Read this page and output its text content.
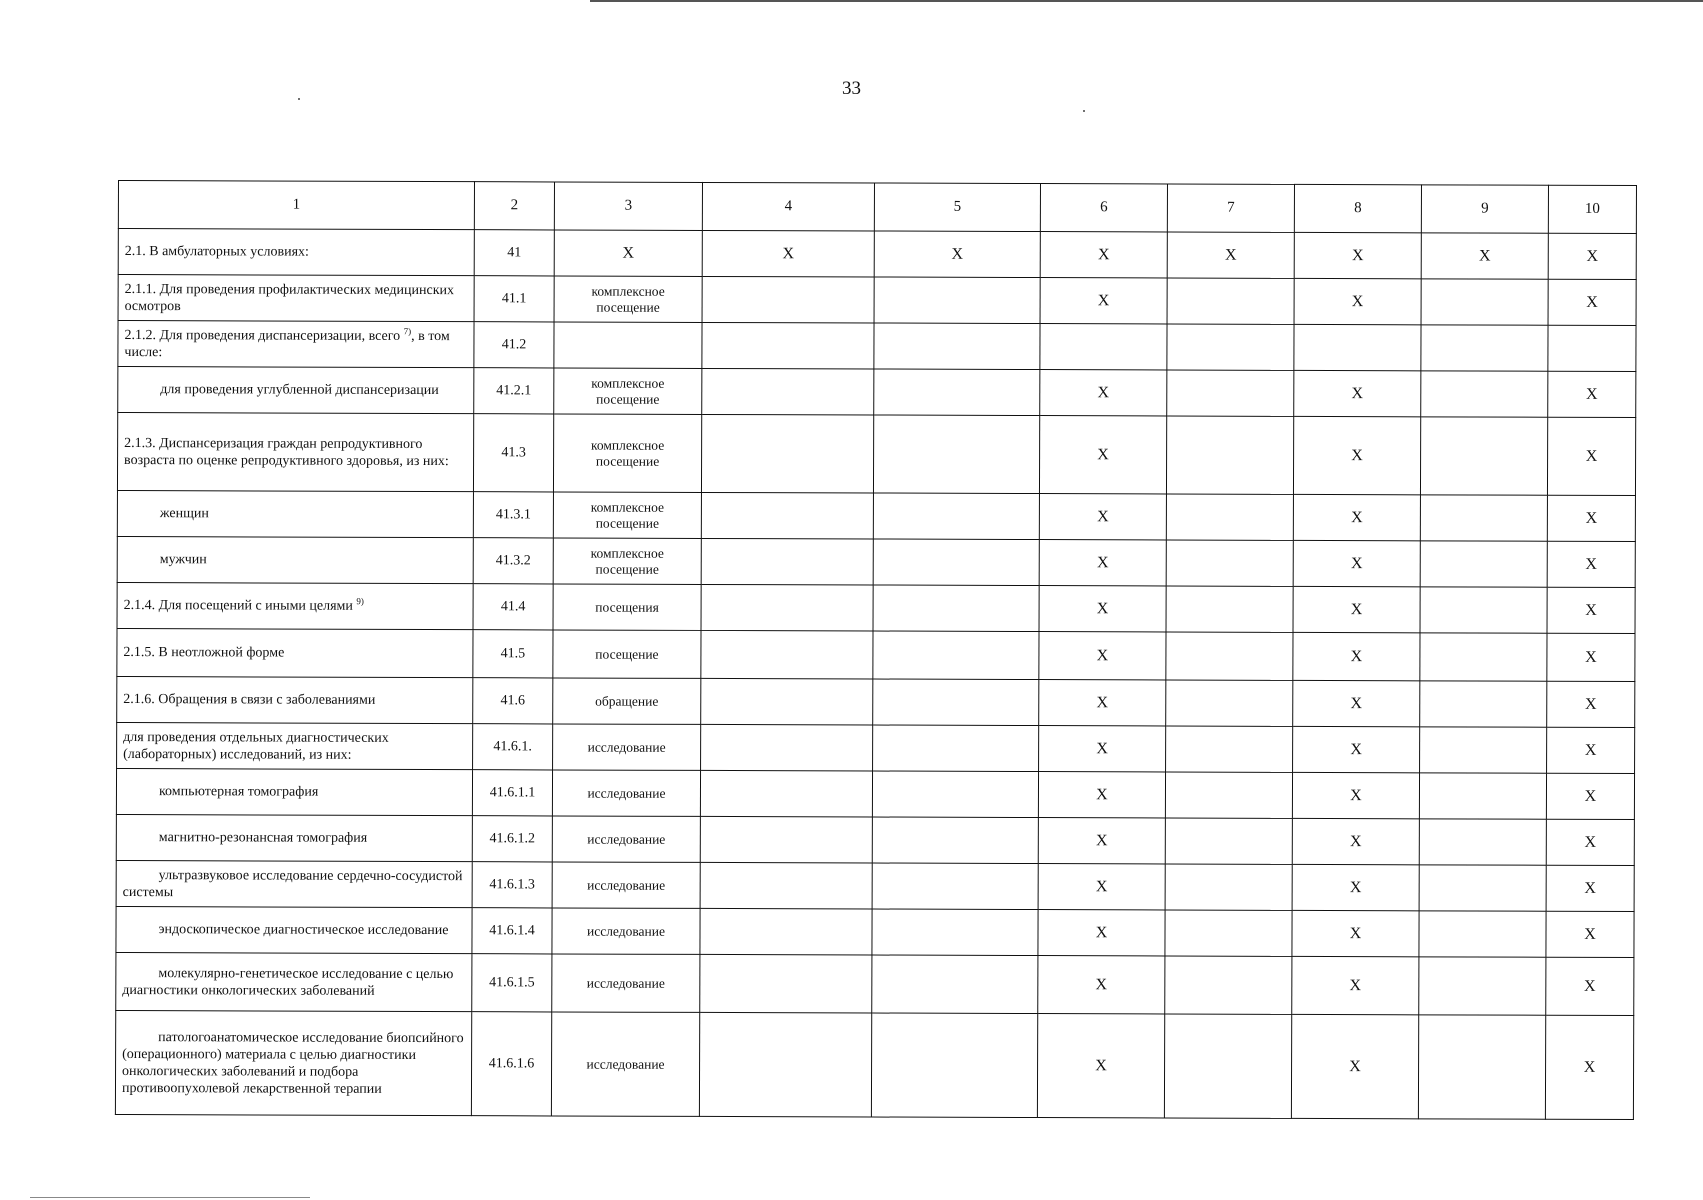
33
1	2	3	4	5	6	7	8	9	10
2.1. В амбулаторных условиях:	41	X	X	X	X	X	X	X	X
2.1.1. Для проведения профилактических медицинских осмотров	41.1	комплексное посещение			X		X		X
2.1.2. Для проведения диспансеризации, всего $^{7)}$, в том числе:	41.2								
для проведения углубленной диспансеризации	41.2.1	комплексное посещение			X		X		X
2.1.3. Диспансеризация граждан репродуктивного возраста по оценке репродуктивного здоровья, из них:	41.3	комплексное посещение			X		X		X
женщин	41.3.1	комплексное посещение			X		X		X
мужчин	41.3.2	комплексное посещение			X		X		X
2.1.4. Для посещений с иными целями $^{9)}$	41.4	посещения			X		X		X
2.1.5. В неотложной форме	41.5	посещение			X		X		X
2.1.6. Обращения в связи с заболеваниями	41.6	обращение			X		X		X
для проведения отдельных диагностических (лабораторных) исследований, из них:	41.6.1.	исследование			X		X		X
компьютерная томография	41.6.1.1	исследование			X		X		X
магнитно-резонансная томография	41.6.1.2	исследование			X		X		X
ультразвуковое исследование сердечно-сосудистой системы	41.6.1.3	исследование			X		X		X
эндоскопическое диагностическое исследование	41.6.1.4	исследование			X		X		X
молекулярно-генетическое исследование с целью диагностики онкологических заболеваний	41.6.1.5	исследование			X		X		X
патологоанатомическое исследование биопсийного (операционного) материала с целью диагностики онкологических заболеваний и подбора противоопухолевой лекарственной терапии	41.6.1.6	исследование			X		X		X
